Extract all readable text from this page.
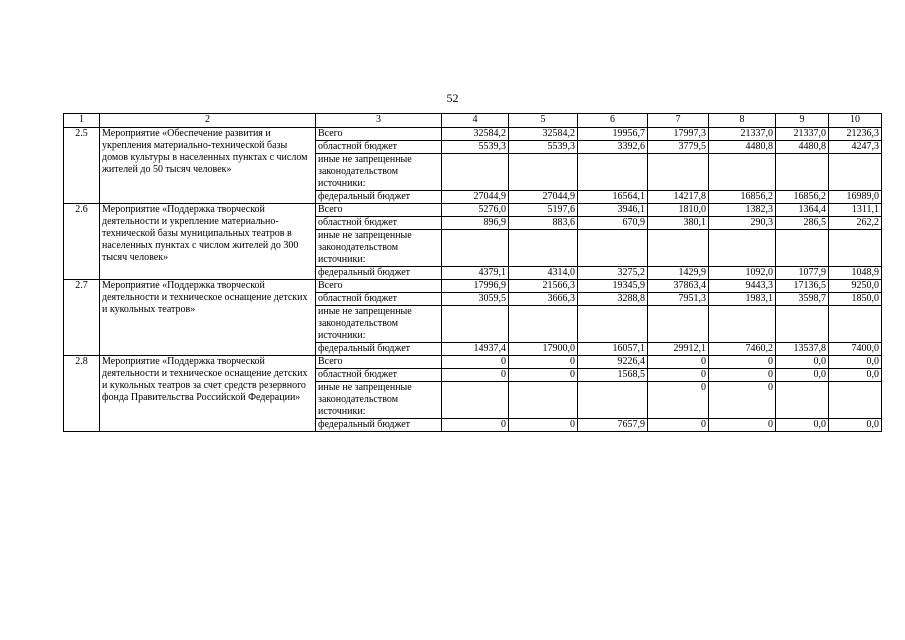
52
1	2	3	4	5	6	7	8	9	10
2.5	Мероприятие «Обеспечение развития и укрепления материально-технической базы домов культуры в населенных пунктах с числом жителей до 50 тысяч человек»	Всего	32584,2	32584,2	19956,7	17997,3	21337,0	21337,0	21236,3
		областной бюджет	5539,3	5539,3	3392,6	3779,5	4480,8	4480,8	4247,3
		иные не запрещенные законодательством источники:							
		федеральный бюджет	27044,9	27044,9	16564,1	14217,8	16856,2	16856,2	16989,0
2.6	Мероприятие «Поддержка творческой деятельности и укрепление материально-технической базы муниципальных театров в населенных пунктах с числом жителей до 300 тысяч человек»	Всего	5276,0	5197,6	3946,1	1810,0	1382,3	1364,4	1311,1
		областной бюджет	896,9	883,6	670,9	380,1	290,3	286,5	262,2
		иные не запрещенные законодательством источники:							
		федеральный бюджет	4379,1	4314,0	3275,2	1429,9	1092,0	1077,9	1048,9
2.7	Мероприятие «Поддержка творческой деятельности и техническое оснащение детских и кукольных театров»	Всего	17996,9	21566,3	19345,9	37863,4	9443,3	17136,5	9250,0
		областной бюджет	3059,5	3666,3	3288,8	7951,3	1983,1	3598,7	1850,0
		иные не запрещенные законодательством источники:							
		федеральный бюджет	14937,4	17900,0	16057,1	29912,1	7460,2	13537,8	7400,0
2.8	Мероприятие «Поддержка творческой деятельности и техническое оснащение детских и кукольных театров за счет средств резервного фонда Правительства Российской Федерации»	Всего	0	0	9226,4	0	0	0,0	0,0
		областной бюджет	0	0	1568,5	0	0	0,0	0,0
		иные не запрещенные законодательством источники:				0	0		
		федеральный бюджет	0	0	7657,9	0	0	0,0	0,0
